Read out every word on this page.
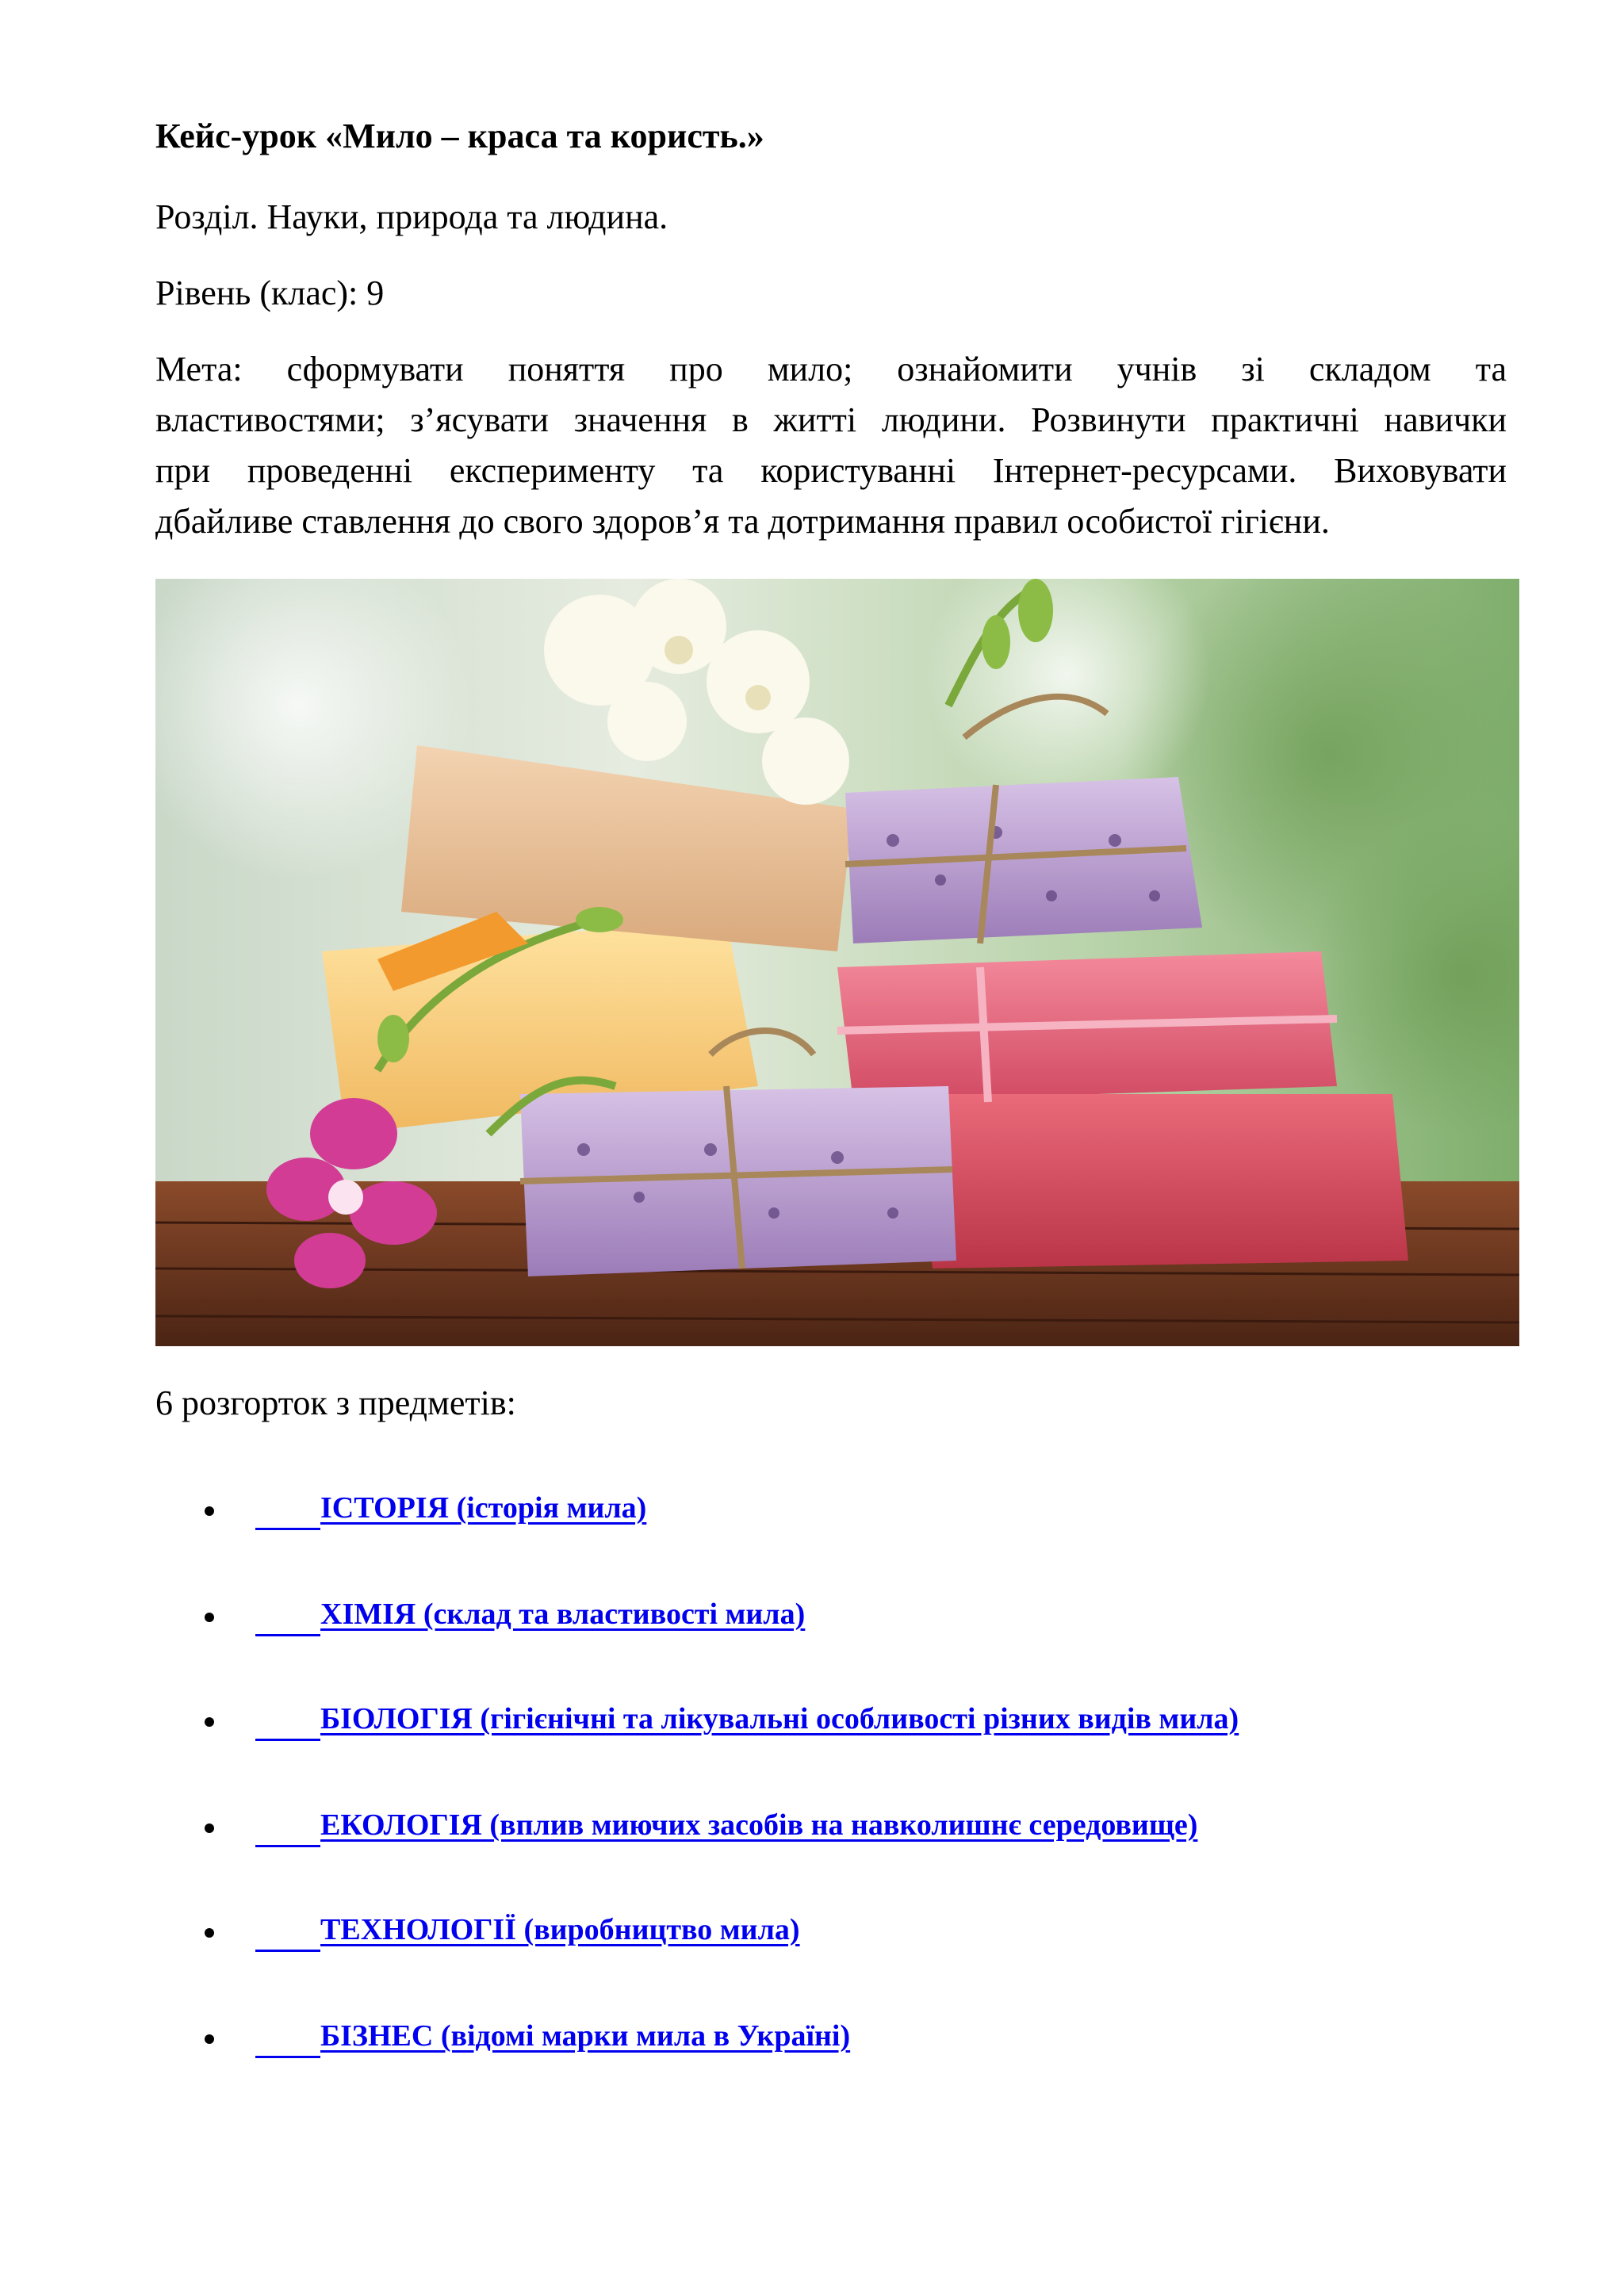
Кейс-урок «Мило – краса та користь.»

Розділ. Науки, природа та людина.

Рівень (клас): 9

Мета: сформувати поняття про мило; ознайомити учнів зі складом та
властивостями; з’ясувати значення в житті людини. Розвинути практичні навички
при проведенні експерименту та користуванні Інтернет-ресурсами. Виховувати
дбайливе ставлення до свого здоров’я та дотримання правил особистої гігієни.

6 розгорток з предметів:

ІСТОРІЯ (історія мила)
ХІМІЯ (склад та властивості мила)
БІОЛОГІЯ (гігієнічні та лікувальні особливості різних видів мила)
ЕКОЛОГІЯ (вплив миючих засобів на навколишнє середовище)
ТЕХНОЛОГІЇ (виробництво мила)
БІЗНЕС (відомі марки мила в Україні)
